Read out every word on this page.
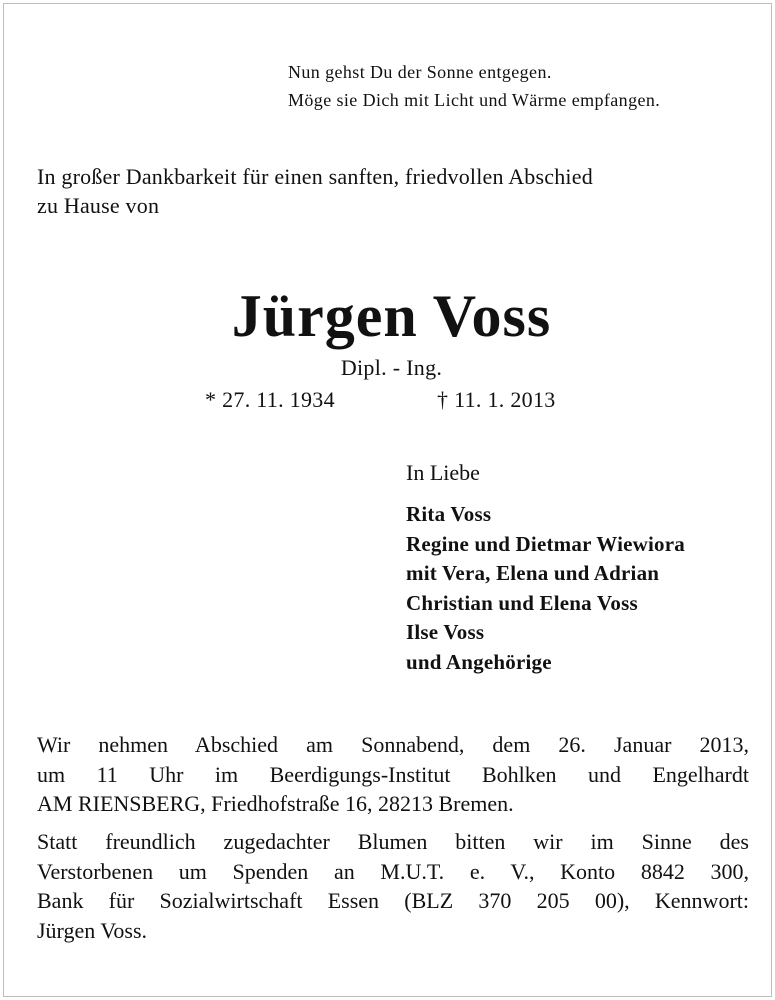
Nun gehst Du der Sonne entgegen.
Möge sie Dich mit Licht und Wärme empfangen.
In großer Dankbarkeit für einen sanften, friedvollen Abschied
zu Hause von
Jürgen Voss
Dipl. - Ing.
* 27. 11. 1934	† 11. 1. 2013
In Liebe
Rita Voss
Regine und Dietmar Wiewiora
mit Vera, Elena und Adrian
Christian und Elena Voss
Ilse Voss
und Angehörige
Wir nehmen Abschied am Sonnabend, dem 26. Januar 2013,
um 11 Uhr im Beerdigungs-Institut Bohlken und Engelhardt
AM RIENSBERG, Friedhofstraße 16, 28213 Bremen.
Statt freundlich zugedachter Blumen bitten wir im Sinne des
Verstorbenen um Spenden an M.U.T. e. V., Konto 8842 300,
Bank für Sozialwirtschaft Essen (BLZ 370 205 00), Kennwort:
Jürgen Voss.
